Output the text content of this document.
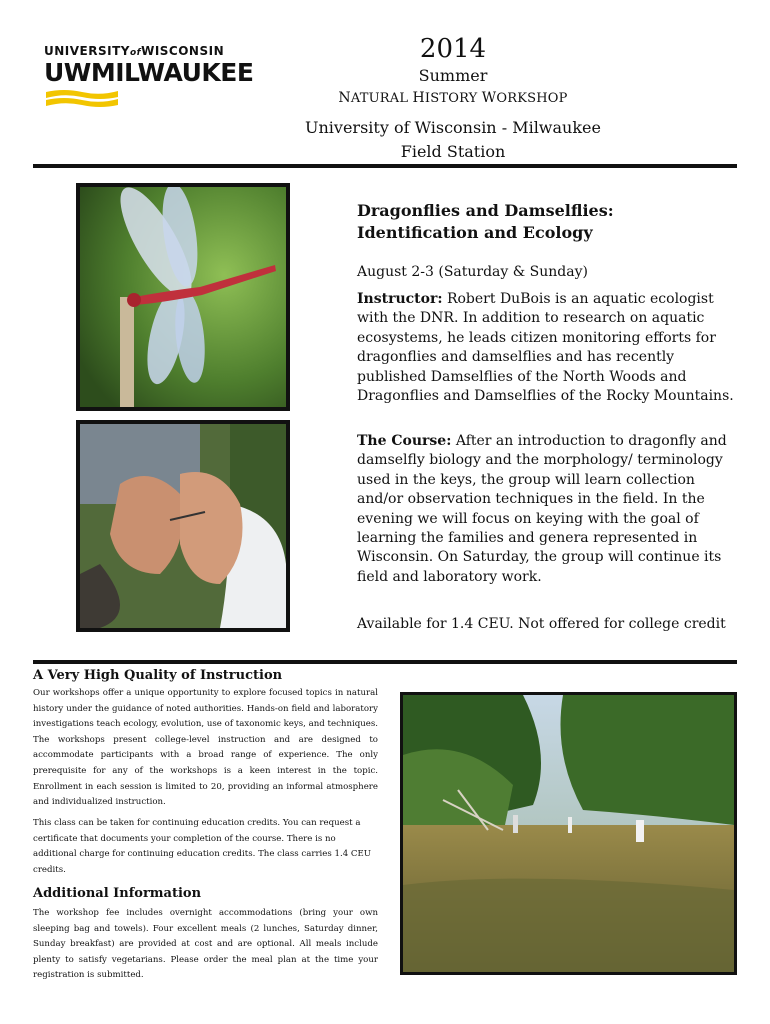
UNIVERSITYofWISCONSIN
UWMILWAUKEE
2014
Summer
NATURAL HISTORY WORKSHOP
University of Wisconsin - Milwaukee
Field Station
Dragonflies and Damselflies:
Identification and Ecology
August 2-3 (Saturday & Sunday)
Instructor: Robert DuBois is an aquatic ecologist with the DNR. In addition to research on aquatic ecosystems, he leads citizen monitoring efforts for dragonflies and damselflies and has recently published Damselflies of the North Woods and Dragonflies and Damselflies of the Rocky Mountains.
The Course: After an introduction to dragonfly and damselfly biology and the morphology/ terminology used in the keys, the group will learn collection and/or observation techniques in the field. In the evening we will focus on keying with the goal of learning the families and genera represented in Wisconsin. On Saturday, the group will continue its field and laboratory work.
Available for 1.4 CEU. Not offered for college credit
A Very High Quality of Instruction
Our workshops offer a unique opportunity to explore focused topics in natural history under the guidance of noted authorities. Hands-on field and laboratory investigations teach ecology, evolution, use of taxonomic keys, and techniques. The workshops present college-level instruction and are designed to accommodate participants with a broad range of experience. The only prerequisite for any of the workshops is a keen interest in the topic. Enrollment in each session is limited to 20, providing an informal atmosphere and individualized instruction.
This class can be taken for continuing education credits. You can request a certificate that documents your completion of the course. There is no additional charge for continuing education credits. The class carries 1.4 CEU credits.
Additional Information
The workshop fee includes overnight accommodations (bring your own sleeping bag and towels). Four excellent meals (2 lunches, Saturday dinner, Sunday breakfast) are provided at cost and are optional. All meals include plenty to satisfy vegetarians. Please order the meal plan at the time your registration is submitted.
